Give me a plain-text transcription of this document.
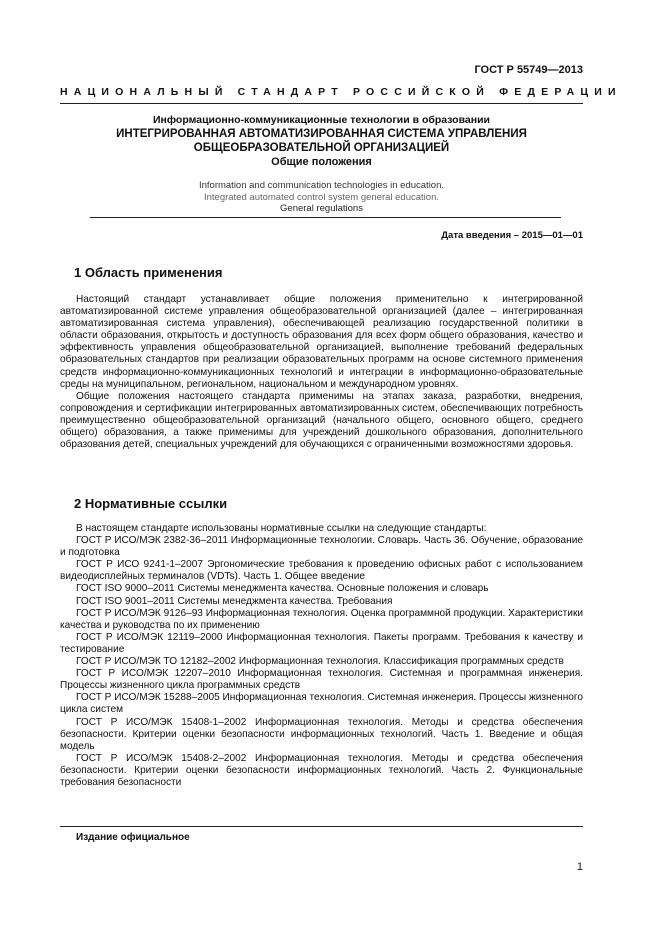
ГОСТ Р 55749—2013
НАЦИОНАЛЬНЫЙ СТАНДАРТ РОССИЙСКОЙ ФЕДЕРАЦИИ
Информационно-коммуникационные технологии в образовании
ИНТЕГРИРОВАННАЯ АВТОМАТИЗИРОВАННАЯ СИСТЕМА УПРАВЛЕНИЯ
ОБЩЕОБРАЗОВАТЕЛЬНОЙ ОРГАНИЗАЦИЕЙ
Общие положения
Information and communication technologies in education.
Integrated automated control system general education.
General regulations
Дата введения – 2015—01—01
1 Область применения

Настоящий стандарт устанавливает общие положения применительно к интегрированной автоматизированной системе управления общеобразовательной организацией (далее – интегрированная автоматизированная система управления), обеспечивающей реализацию государственной политики в области образования, открытость и доступность образования для всех форм общего образования, качество и эффективность управления общеобразовательной организацией, выполнение требований федеральных образовательных стандартов при реализации образовательных программ на основе системного применения средств информационно-коммуникационных технологий и интеграции в информационно-образовательные среды на муниципальном, региональном, национальном и международном уровнях.

Общие положения настоящего стандарта применимы на этапах заказа, разработки, внедрения, сопровождения и сертификации интегрированных автоматизированных систем, обеспечивающих потребность преимущественно общеобразовательной организаций (начального общего, основного общего, среднего общего) образования, а также применимы для учреждений дошкольного образования, дополнительного образования детей, специальных учреждений для обучающихся с ограниченными возможностями здоровья.

2 Нормативные ссылки

В настоящем стандарте использованы нормативные ссылки на следующие стандарты:

ГОСТ Р ИСО/МЭК 2382-36–2011 Информационные технологии. Словарь. Часть 36. Обучение, образование и подготовка

ГОСТ Р ИСО 9241-1–2007 Эргономические требования к проведению офисных работ с использованием видеодисплейных терминалов (VDTs). Часть 1. Общее введение

ГОСТ ISO 9000–2011 Системы менеджмента качества. Основные положения и словарь

ГОСТ ISO 9001–2011 Системы менеджмента качества. Требования

ГОСТ Р ИСО/МЭК 9126–93 Информационная технология. Оценка программной продукции. Характеристики качества и руководства по их применению

ГОСТ Р ИСО/МЭК 12119–2000 Информационная технология. Пакеты программ. Требования к качеству и тестирование

ГОСТ Р ИСО/МЭК ТО 12182–2002 Информационная технология. Классификация программных средств

ГОСТ Р ИСО/МЭК 12207–2010 Информационная технология. Системная и программная инженерия. Процессы жизненного цикла программных средств

ГОСТ Р ИСО/МЭК 15288–2005 Информационная технология. Системная инженерия. Процессы жизненного цикла систем

ГОСТ Р ИСО/МЭК 15408-1–2002 Информационная технология. Методы и средства обеспечения безопасности. Критерии оценки безопасности информационных технологий. Часть 1. Введение и общая модель

ГОСТ Р ИСО/МЭК 15408-2–2002 Информационная технология. Методы и средства обеспечения безопасности. Критерии оценки безопасности информационных технологий. Часть 2. Функциональные требования безопасности

Издание официальное
1
